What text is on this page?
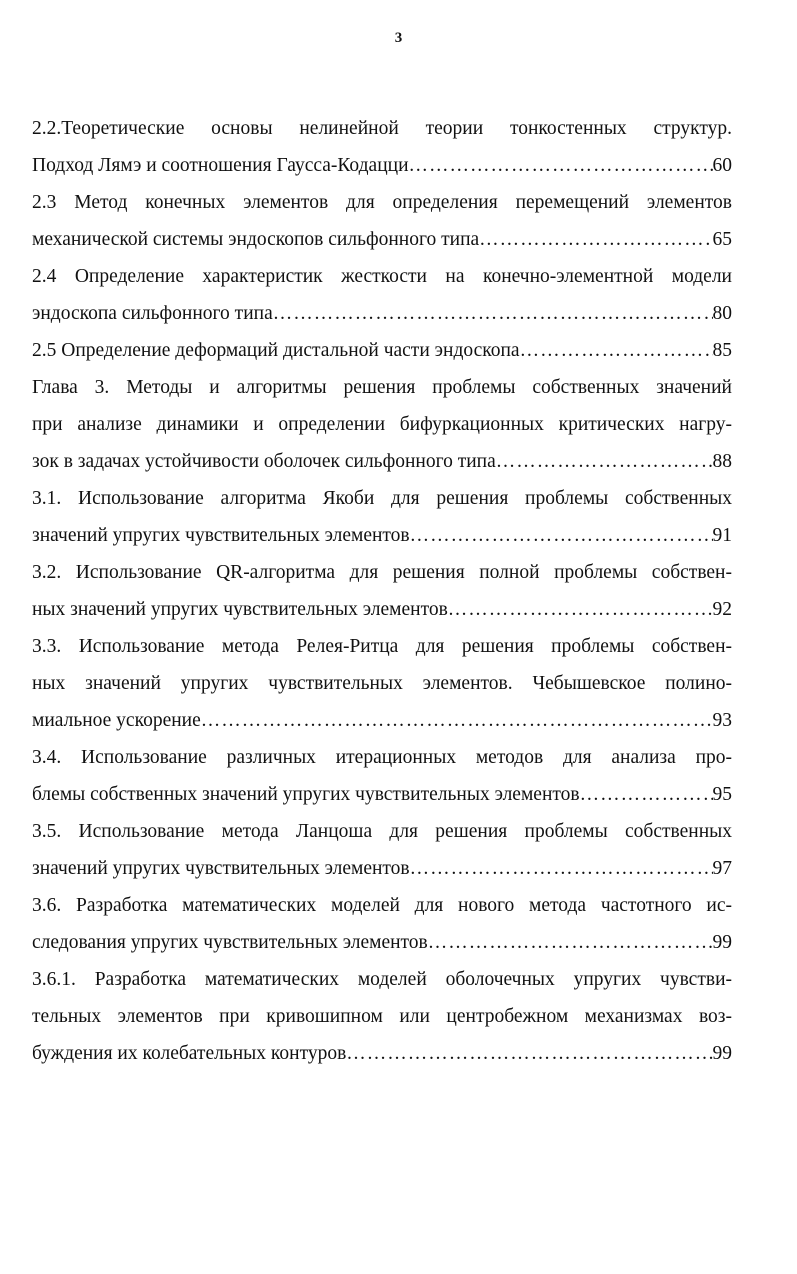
3
2.2.Теоретические основы нелинейной теории тонкостенных структур.
Подход Лямэ и соотношения Гаусса-Кодацци …………………………………………………………………………………………………………………………………	60
2.3 Метод конечных элементов для определения перемещений элементов
механической системы эндоскопов сильфонного типа …………………………………………………………………………………………………………………………………	65
2.4 Определение характеристик жесткости на конечно-элементной модели
эндоскопа сильфонного типа …………………………………………………………………………………………………………………………………	80
2.5 Определение деформаций дистальной части эндоскопа …………………………………………………………………………………………………………………………………	85
Глава 3. Методы и алгоритмы решения проблемы собственных значений
при анализе динамики и определении бифуркационных критических нагру-
зок в задачах устойчивости оболочек сильфонного типа …………………………………………………………………………………………………………………………………	88
3.1. Использование алгоритма Якоби для решения проблемы собственных
значений упругих чувствительных элементов …………………………………………………………………………………………………………………………………	91
3.2. Использование QR-алгоритма для решения полной проблемы собствен-
ных значений упругих чувствительных элементов …………………………………………………………………………………………………………………………………	92
3.3. Использование метода Релея-Ритца для решения проблемы собствен-
ных значений упругих чувствительных элементов. Чебышевское полино-
миальное ускорение …………………………………………………………………………………………………………………………………	93
3.4. Использование различных итерационных методов для анализа про-
блемы собственных значений упругих чувствительных элементов …………………………………………………………………………………………………………………………………	95
3.5. Использование метода Ланцоша для решения проблемы собственных
значений упругих чувствительных элементов …………………………………………………………………………………………………………………………………	97
3.6. Разработка математических моделей для нового метода частотного ис-
следования упругих чувствительных элементов …………………………………………………………………………………………………………………………………	99
3.6.1. Разработка математических моделей оболочечных упругих чувстви-
тельных элементов при кривошипном или центробежном механизмах воз-
буждения их колебательных контуров …………………………………………………………………………………………………………………………………	99
